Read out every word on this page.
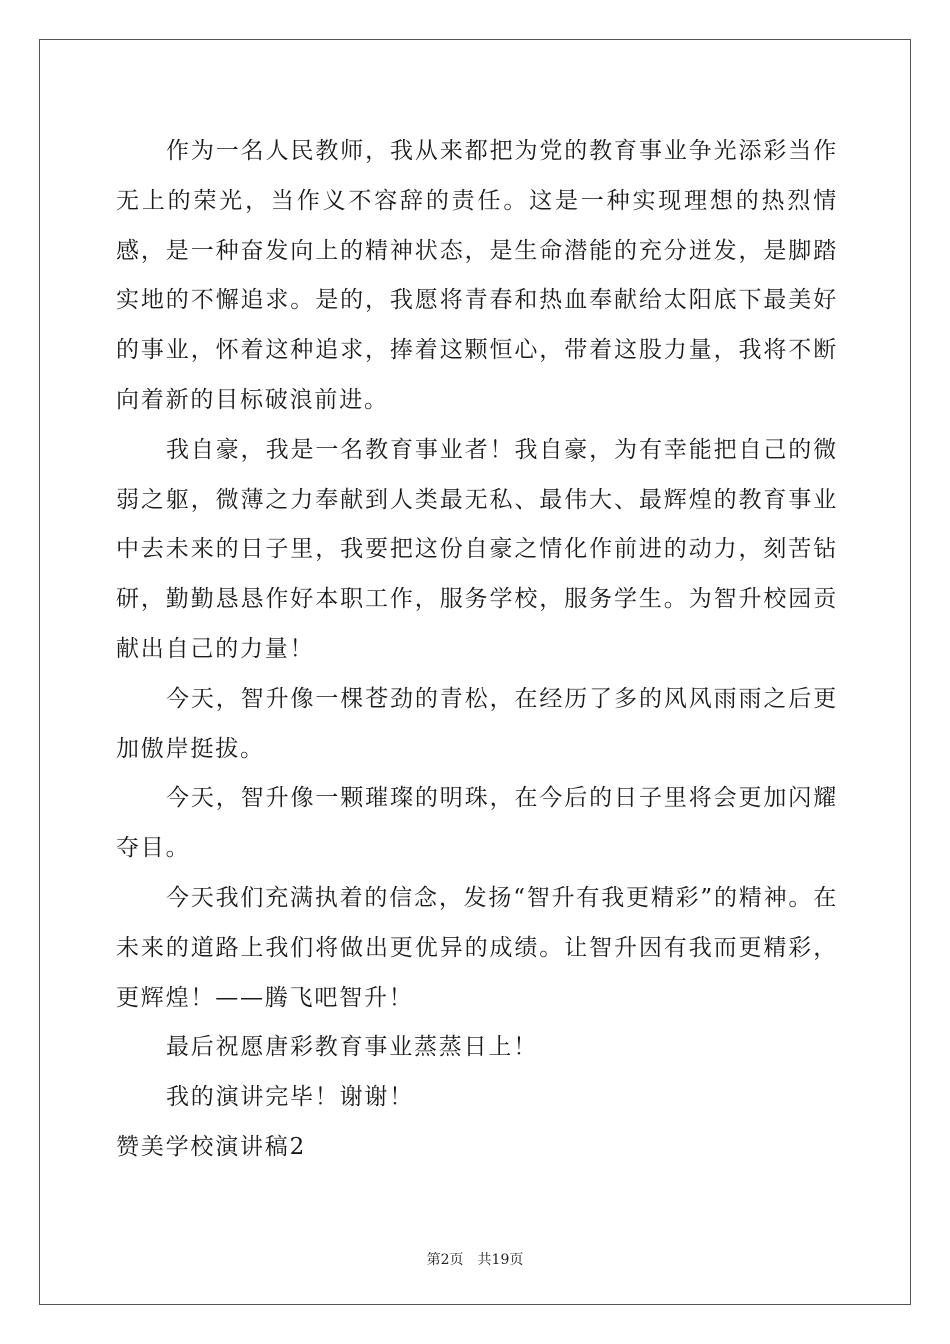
作为一名人民教师，我从来都把为党的教育事业争光添彩当作无上的荣光，当作义不容辞的责任。这是一种实现理想的热烈情感，是一种奋发向上的精神状态，是生命潜能的充分迸发，是脚踏实地的不懈追求。是的，我愿将青春和热血奉献给太阳底下最美好的事业，怀着这种追求，捧着这颗恒心，带着这股力量，我将不断向着新的目标破浪前进。

我自豪，我是一名教育事业者！我自豪，为有幸能把自己的微弱之躯，微薄之力奉献到人类最无私、最伟大、最辉煌的教育事业中去未来的日子里，我要把这份自豪之情化作前进的动力，刻苦钻研，勤勤恳恳作好本职工作，服务学校，服务学生。为智升校园贡献出自己的力量！

今天，智升像一棵苍劲的青松，在经历了多的风风雨雨之后更加傲岸挺拔。

今天，智升像一颗璀璨的明珠，在今后的日子里将会更加闪耀夺目。

今天我们充满执着的信念，发扬“智升有我更精彩”的精神。在未来的道路上我们将做出更优异的成绩。让智升因有我而更精彩，更辉煌！——腾飞吧智升！

最后祝愿唐彩教育事业蒸蒸日上！

我的演讲完毕！谢谢！

赞美学校演讲稿2

第2页　共19页
